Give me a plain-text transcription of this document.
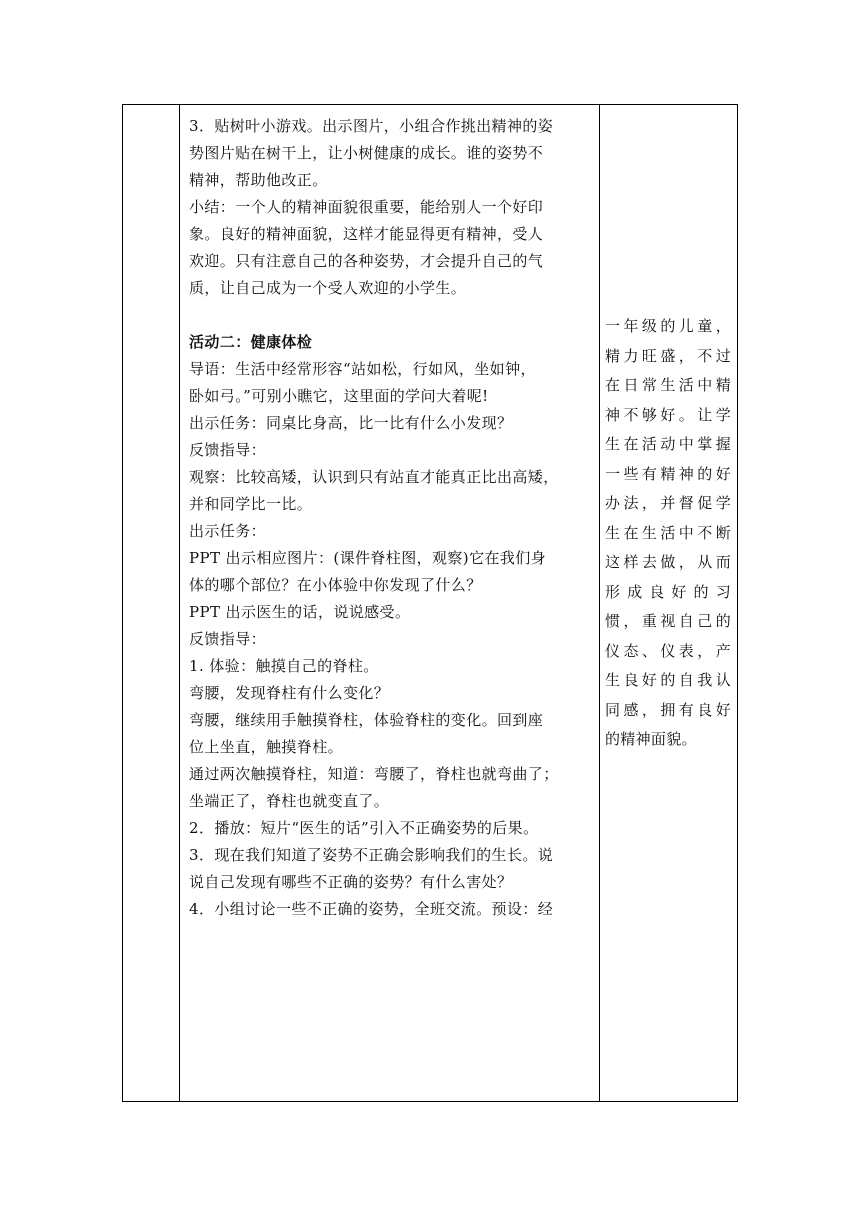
3．贴树叶小游戏。出示图片，小组合作挑出精神的姿

势图片贴在树干上，让小树健康的成长。谁的姿势不

精神，帮助他改正。

小结：一个人的精神面貌很重要，能给别人一个好印

象。良好的精神面貌，这样才能显得更有精神，受人

欢迎。只有注意自己的各种姿势，才会提升自己的气

质，让自己成为一个受人欢迎的小学生。

活动二：健康体检

导语：生活中经常形容“站如松，行如风，坐如钟，

卧如弓。”可别小瞧它，这里面的学问大着呢!

出示任务：同桌比身高，比一比有什么小发现？

反馈指导：

观察：比较高矮，认识到只有站直才能真正比出高矮，

并和同学比一比。

出示任务：

PPT 出示相应图片：(课件脊柱图，观察)它在我们身

体的哪个部位？在小体验中你发现了什么？

PPT 出示医生的话，说说感受。

反馈指导：

1. 体验：触摸自己的脊柱。

弯腰，发现脊柱有什么变化？

弯腰，继续用手触摸脊柱，体验脊柱的变化。回到座

位上坐直，触摸脊柱。

通过两次触摸脊柱，知道：弯腰了，脊柱也就弯曲了；

坐端正了，脊柱也就变直了。

2．播放：短片“医生的话”引入不正确姿势的后果。

3．现在我们知道了姿势不正确会影响我们的生长。说

说自己发现有哪些不正确的姿势？有什么害处？

4．小组讨论一些不正确的姿势，全班交流。预设：经

一年级的儿童，

精力旺盛，不过

在日常生活中精

神不够好。让学

生在活动中掌握

一些有精神的好

办法，并督促学

生在生活中不断

这样去做，从而

形成良好的习

惯，重视自己的

仪态、仪表，产

生良好的自我认

同感，拥有良好

的精神面貌。
